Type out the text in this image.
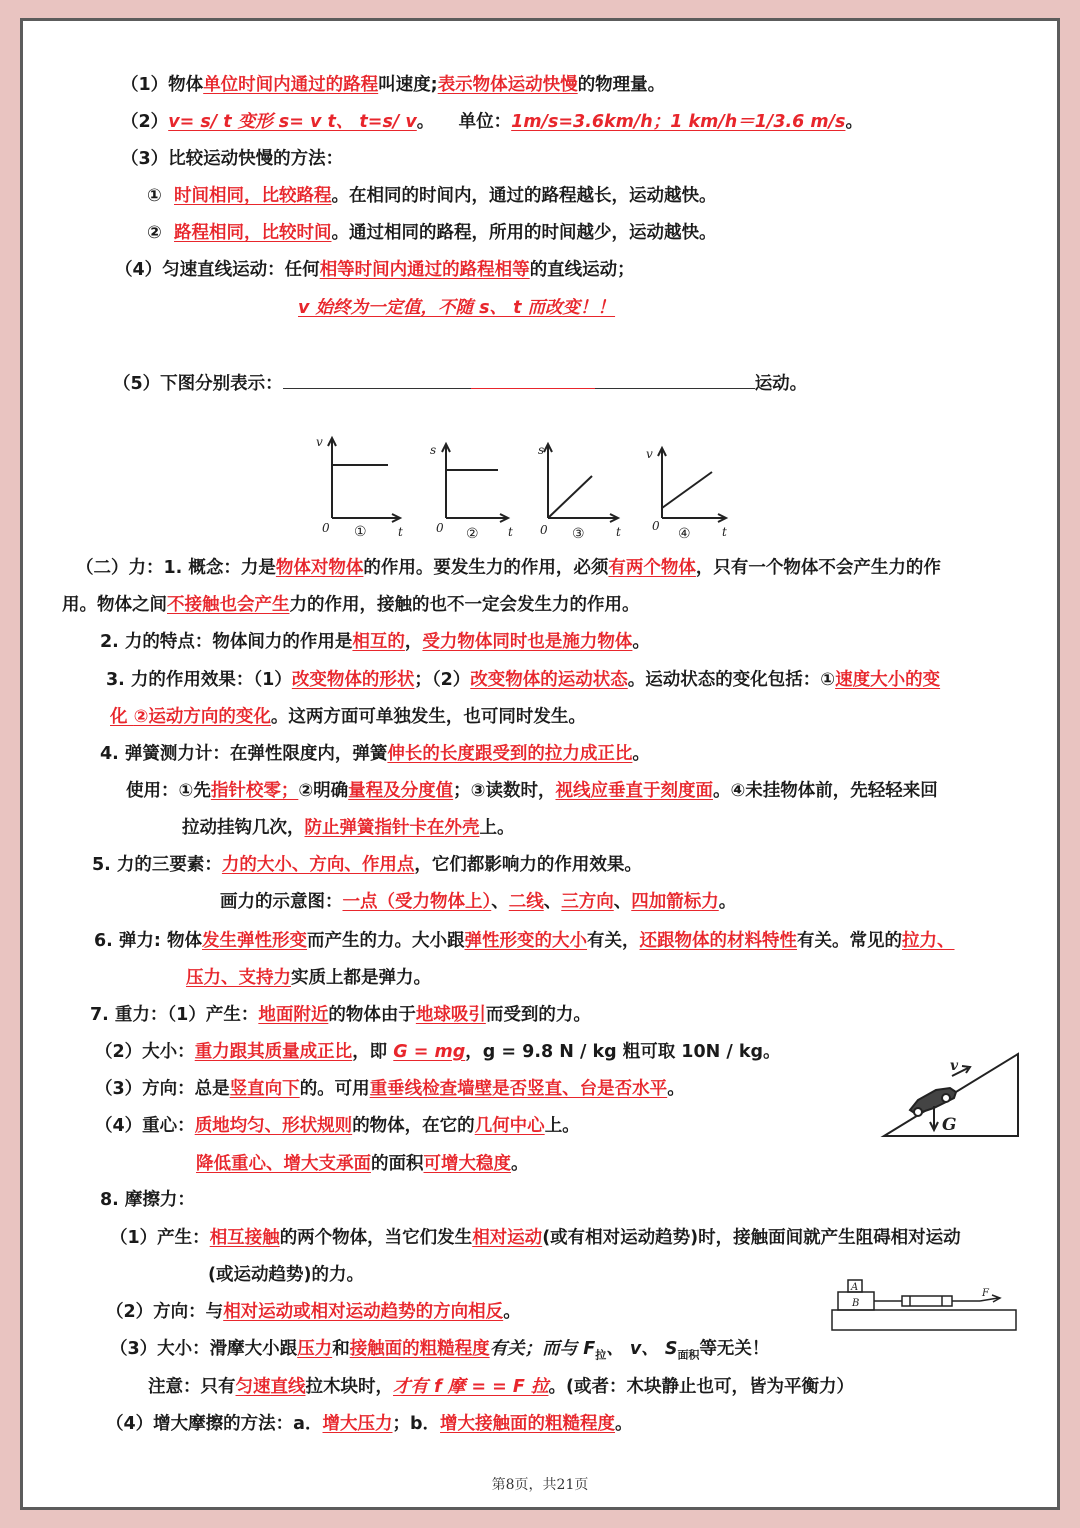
（1）物体单位时间内通过的路程叫速度;表示物体运动快慢的物理量。
（2）v= s/ t 变形 s= v t、 t=s/ v。    单位：1m/s=3.6km/h；1 km/h＝1/3.6 m/s。
（3）比较运动快慢的方法：
①  时间相同，比较路程。在相同的时间内，通过的路程越长，运动越快。
②  路程相同，比较时间。通过相同的路程，所用的时间越少，运动越快。
（4）匀速直线运动：任何相等时间内通过的路程相等的直线运动；
v 始终为一定值，不随 s、 t 而改变！！
（5）下图分别表示：	运动。
v
t
0 ①
s
t
0 ②
s
t
0 ③
v
t
0 ④
（二）力：1. 概念：力是物体对物体的作用。要发生力的作用，必须有两个物体，只有一个物体不会产生力的作
用。物体之间不接触也会产生力的作用，接触的也不一定会发生力的作用。
2. 力的特点：物体间力的作用是相互的，受力物体同时也是施力物体。
3. 力的作用效果：（1）改变物体的形状；（2）改变物体的运动状态。运动状态的变化包括：①速度大小的变
化 ②运动方向的变化。这两方面可单独发生，也可同时发生。
4. 弹簧测力计：在弹性限度内，弹簧伸长的长度跟受到的拉力成正比。
使用：①先指针校零；②明确量程及分度值；③读数时，视线应垂直于刻度面。④未挂物体前，先轻轻来回
拉动挂钩几次，防止弹簧指针卡在外壳上。
5. 力的三要素：力的大小、方向、作用点，它们都影响力的作用效果。
画力的示意图：一点（受力物体上）、二线、三方向、四加箭标力。
6. 弹力: 物体发生弹性形变而产生的力。大小跟弹性形变的大小有关，还跟物体的材料特性有关。常见的拉力、
压力、支持力实质上都是弹力。
7. 重力：（1）产生：地面附近的物体由于地球吸引而受到的力。
（2）大小：重力跟其质量成正比，即 G = mg，g = 9.8 N / kg 粗可取 10N / kg。
（3）方向：总是竖直向下的。可用重垂线检查墙壁是否竖直、台是否水平。
（4）重心：质地均匀、形状规则的物体，在它的几何中心上。
降低重心、增大支承面的面积可增大稳度。
v
G
8. 摩擦力：
（1）产生：相互接触的两个物体，当它们发生相对运动(或有相对运动趋势)时，接触面间就产生阻碍相对运动
(或运动趋势)的力。
（2）方向：与相对运动或相对运动趋势的方向相反。
A
B
F
（3）大小：滑摩大小跟压力和接触面的粗糙程度有关；而与 $F_拉$、 v、 $S_{面积}$等无关！
注意：只有匀速直线拉木块时，才有 f 摩 = = F 拉。(或者：木块静止也可，皆为平衡力）
（4）增大摩擦的方法：a．增大压力；b．增大接触面的粗糙程度。
第8页，共21页
